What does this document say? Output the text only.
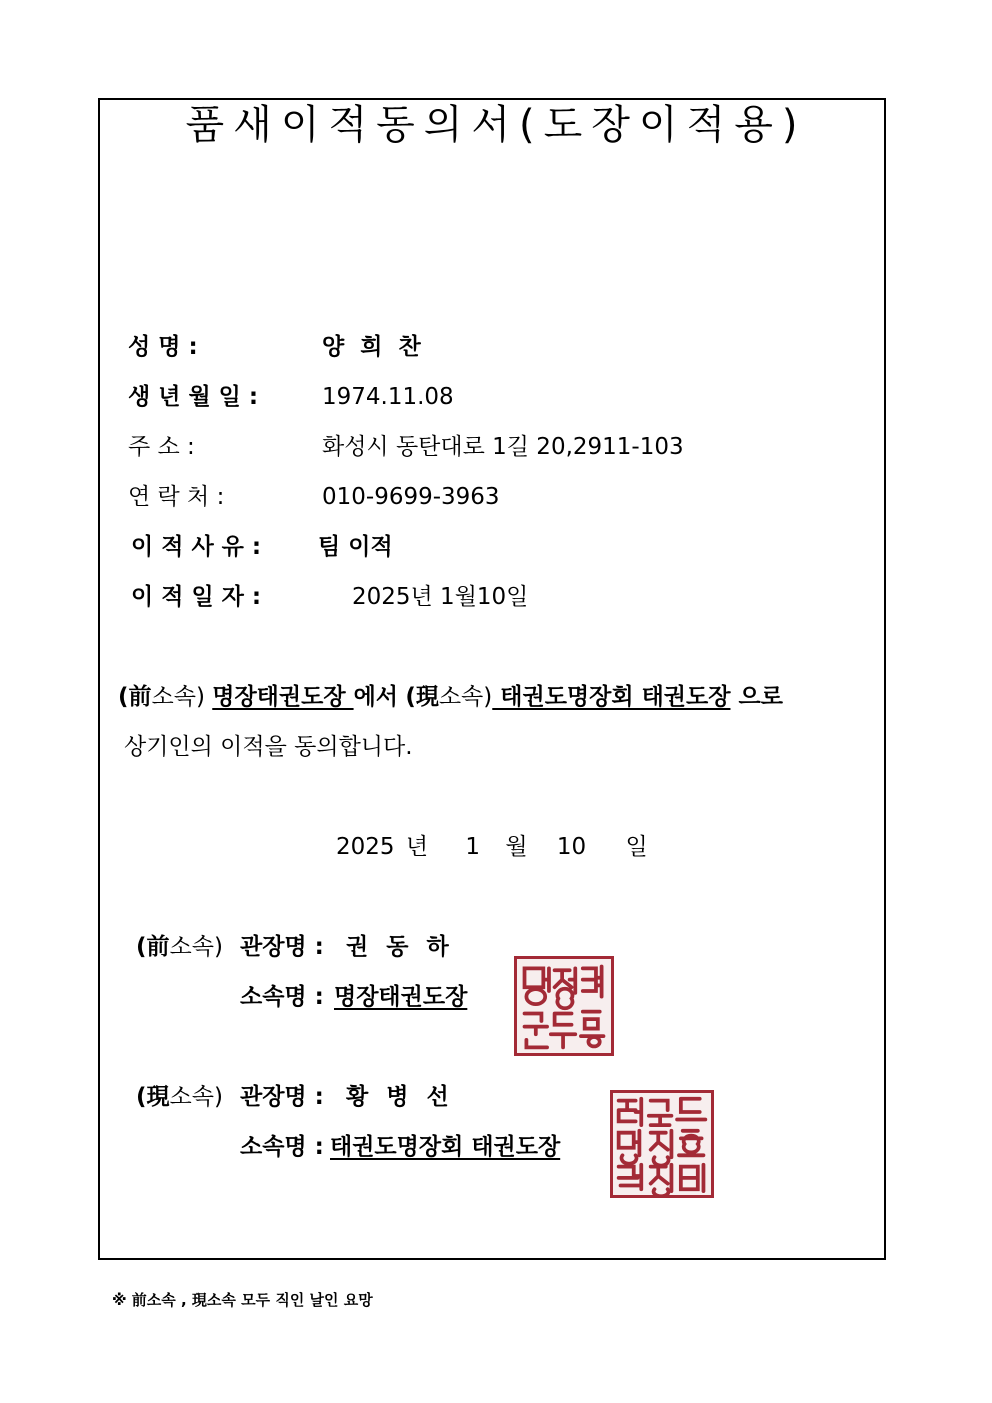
품새이적동의서(도장이적용)
성 명 :	양 희 찬
생 년 월 일 :	1974.11.08
주 소 :	화성시 동탄대로 1길 20,2911-103
연 락 처 :	010-9699-3963
이 적 사 유 : 팀 이적
이 적 일 자 :	2025년 1월10일
(前소속) 명장태권도장 에서 (現소속) 태권도명장회 태권도장 으로
상기인의 이적을 동의합니다.
2025 년 1 월 10 일
(前소속) 관장명 : 권 동 하
소속명 : 명장태권도장
(現소속) 관장명 : 황 병 선
소속명 : 태권도명장회 태권도장
※ 前소속 , 現소속 모두 직인 날인 요망
